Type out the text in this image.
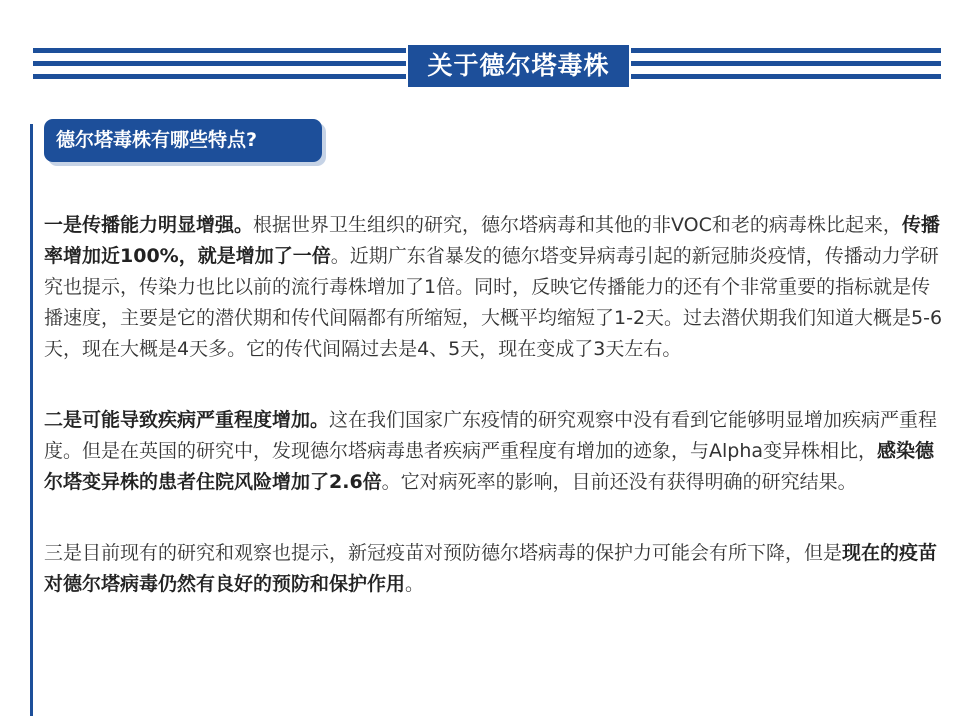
关于德尔塔毒株
德尔塔毒株有哪些特点?

一是传播能力明显增强。根据世界卫生组织的研究，德尔塔病毒和其他的非VOC和老的病毒株比起来，传播率增加近100%，就是增加了一倍。近期广东省暴发的德尔塔变异病毒引起的新冠肺炎疫情，传播动力学研究也提示，传染力也比以前的流行毒株增加了1倍。同时，反映它传播能力的还有个非常重要的指标就是传播速度，主要是它的潜伏期和传代间隔都有所缩短，大概平均缩短了1-2天。过去潜伏期我们知道大概是5-6天，现在大概是4天多。它的传代间隔过去是4、5天，现在变成了3天左右。

二是可能导致疾病严重程度增加。这在我们国家广东疫情的研究观察中没有看到它能够明显增加疾病严重程度。但是在英国的研究中，发现德尔塔病毒患者疾病严重程度有增加的迹象，与Alpha变异株相比，感染德尔塔变异株的患者住院风险增加了2.6倍。它对病死率的影响，目前还没有获得明确的研究结果。

三是目前现有的研究和观察也提示，新冠疫苗对预防德尔塔病毒的保护力可能会有所下降，但是现在的疫苗对德尔塔病毒仍然有良好的预防和保护作用。
